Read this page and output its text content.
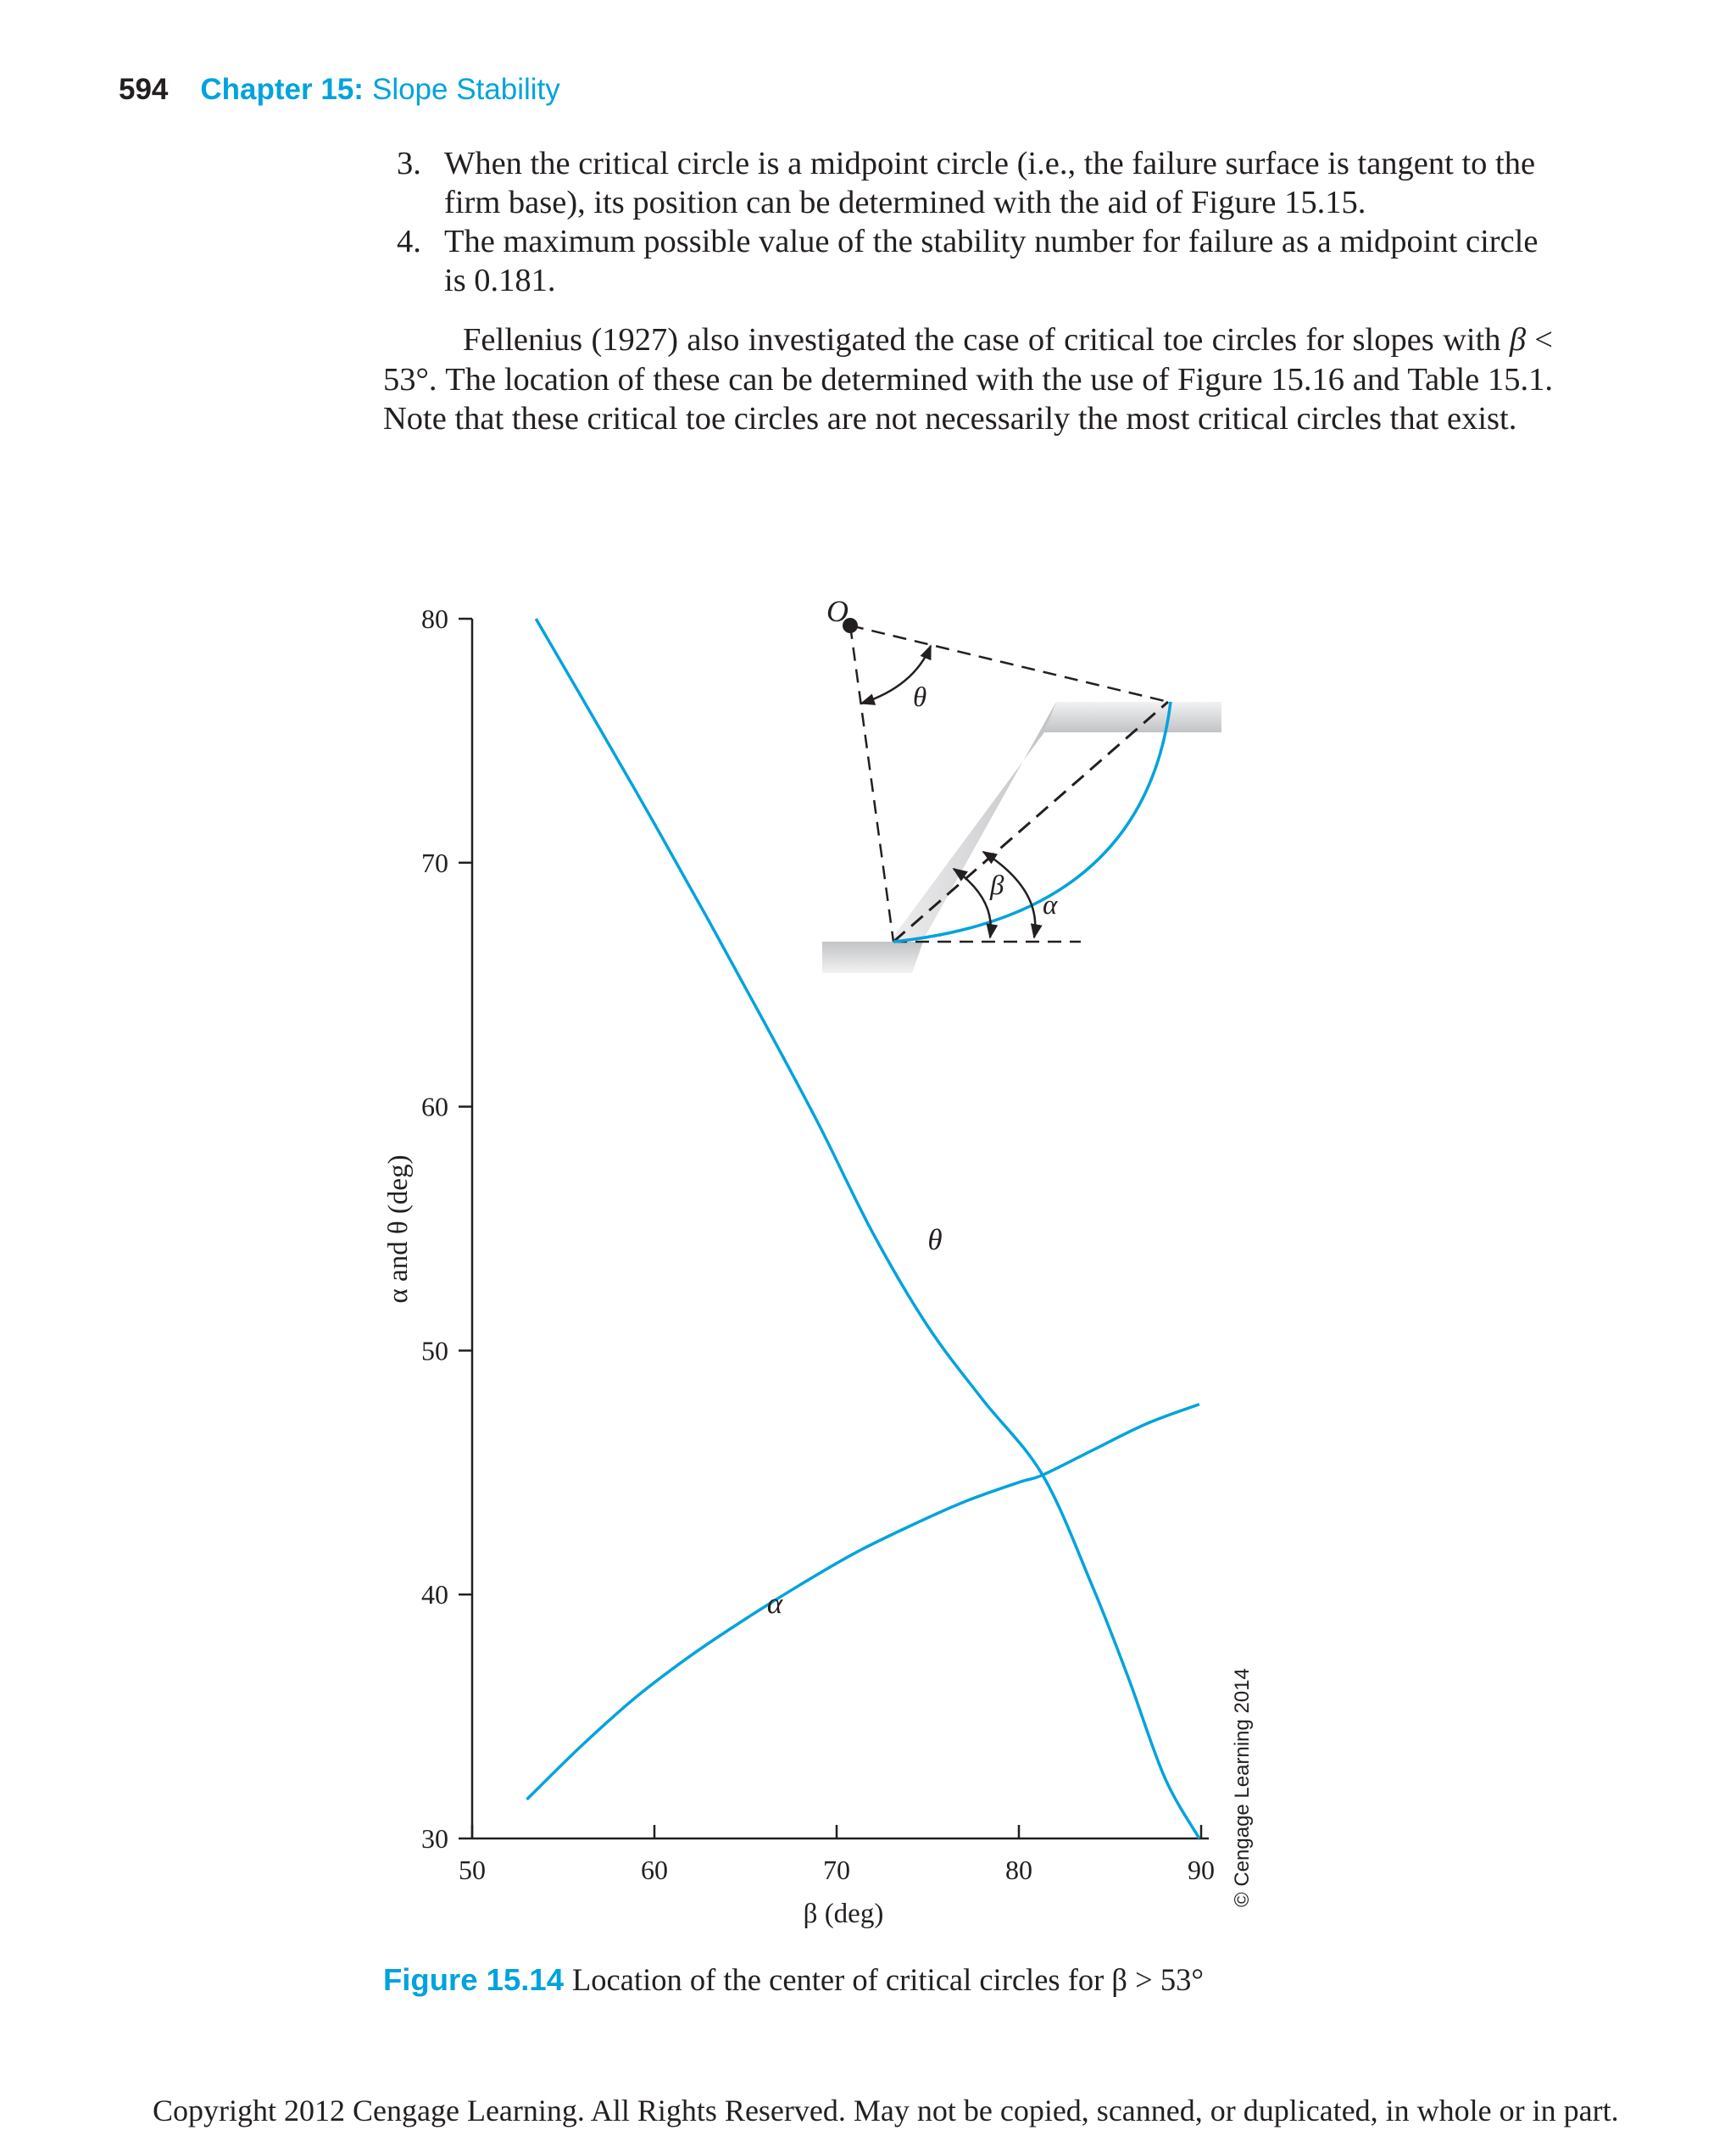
594 Chapter 15: Slope Stability
3. When the critical circle is a midpoint circle (i.e., the failure surface is tangent to the firm base), its position can be determined with the aid of Figure 15.15.
4. The maximum possible value of the stability number for failure as a midpoint circle is 0.181.
Fellenius (1927) also investigated the case of critical toe circles for slopes with β < 53°. The location of these can be determined with the use of Figure 15.16 and Table 15.1. Note that these critical toe circles are not necessarily the most critical circles that exist.
50	60	70	80	90
30
40
50
60
70
80
β (deg)
α and θ (deg)	θ
α
O
θ
β
α
© Cengage Learning 2014
Figure 15.14 Location of the center of critical circles for β > 53°
Copyright 2012 Cengage Learning. All Rights Reserved. May not be copied, scanned, or duplicated, in whole or in part.
